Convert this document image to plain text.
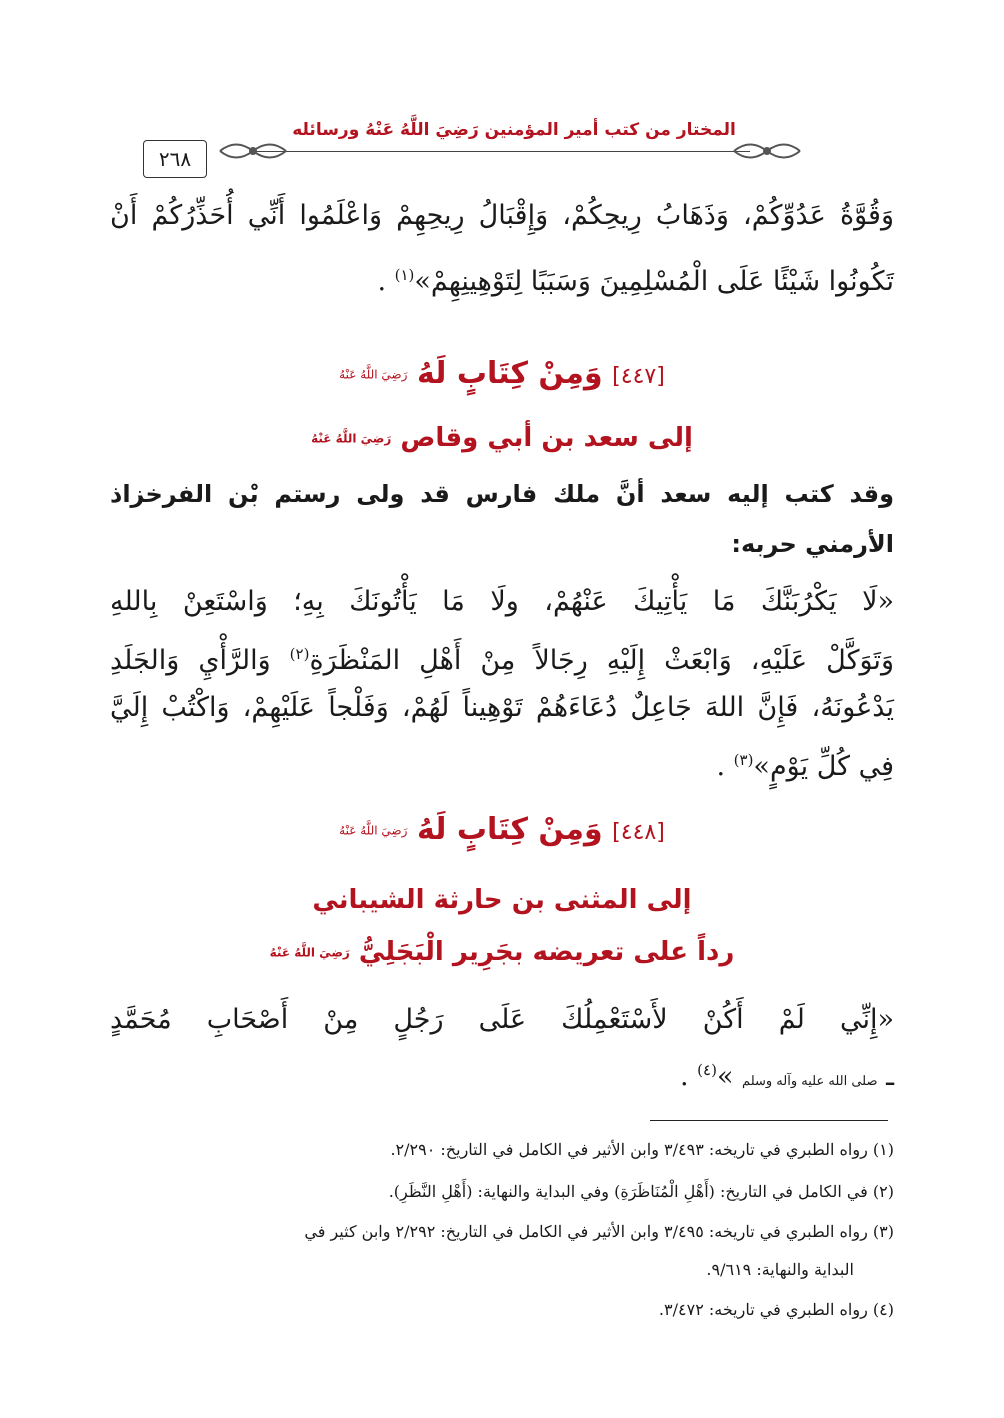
المختار من كتب أمير المؤمنين رَضِيَ اللَّهُ عَنْهُ ورسائله
٢٦٨
وَقُوَّةُ عَدُوِّكُمْ، وَذَهَابُ رِيحِكُمْ، وَإِقْبَالُ رِيحِهِمْ وَاعْلَمُوا أَنِّي أُحَذِّرُكُمْ أَنْ
تَكُونُوا شَيْئًا عَلَى الْمُسْلِمِينَ وَسَبَبًا لِتَوْهِينِهِمْ»$^{(١)}$ .
[٤٤٧] وَمِنْ كِتَابٍ لَهُ رَضِيَ اللَّهُ عَنْهُ
إلى سعد بن أبي وقاص رَضِيَ اللَّهُ عَنْهُ
وقد كتب إليه سعد أنَّ ملك فارس قد ولى رستم بْن الفرخزاذ
الأرمني حربه:
«لَا يَكْرُبَنَّكَ مَا يَأْتِيكَ عَنْهُمْ، ولَا مَا يَأْتُونَكَ بِهِ؛ وَاسْتَعِنْ بِاللهِ
وَتَوَكَّلْ عَلَيْهِ، وَابْعَثْ إِلَيْهِ رِجَالاً مِنْ أَهْلِ المَنْظَرَةِ$^{(٢)}$ وَالرَّأْيِ وَالجَلَدِ
يَدْعُونَهُ، فَإِنَّ اللهَ جَاعِلٌ دُعَاءَهُمْ تَوْهِيناً لَهُمْ، وَفَلْجاً عَلَيْهِمْ، وَاكْتُبْ إِلَيَّ
فِي كُلِّ يَوْمٍ»$^{(٣)}$ .
[٤٤٨] وَمِنْ كِتَابٍ لَهُ رَضِيَ اللَّهُ عَنْهُ
إلى المثنى بن حارثة الشيباني
رداً على تعريضه بجَرِير الْبَجَلِيُّ رَضِيَ اللَّهُ عَنْهُ
«إِنِّي لَمْ أَكُنْ لأَسْتَعْمِلُكَ عَلَى رَجُلٍ مِنْ أَصْحَابِ مُحَمَّدٍ
ـ صلى الله عليه وآله وسلم »$^{(٤)}$ .
(١) رواه الطبري في تاريخه: ٣/٤٩٣ وابن الأثير في الكامل في التاريخ: ٢/٢٩٠.
(٢) في الكامل في التاريخ: (أَهْلِ الْمُنَاظَرَةِ) وفي البداية والنهاية: (أَهْلِ النَّظَرِ).
(٣) رواه الطبري في تاريخه: ٣/٤٩٥ وابن الأثير في الكامل في التاريخ: ٢/٢٩٢ وابن كثير في
البداية والنهاية: ٩/٦١٩.
(٤) رواه الطبري في تاريخه: ٣/٤٧٢.
